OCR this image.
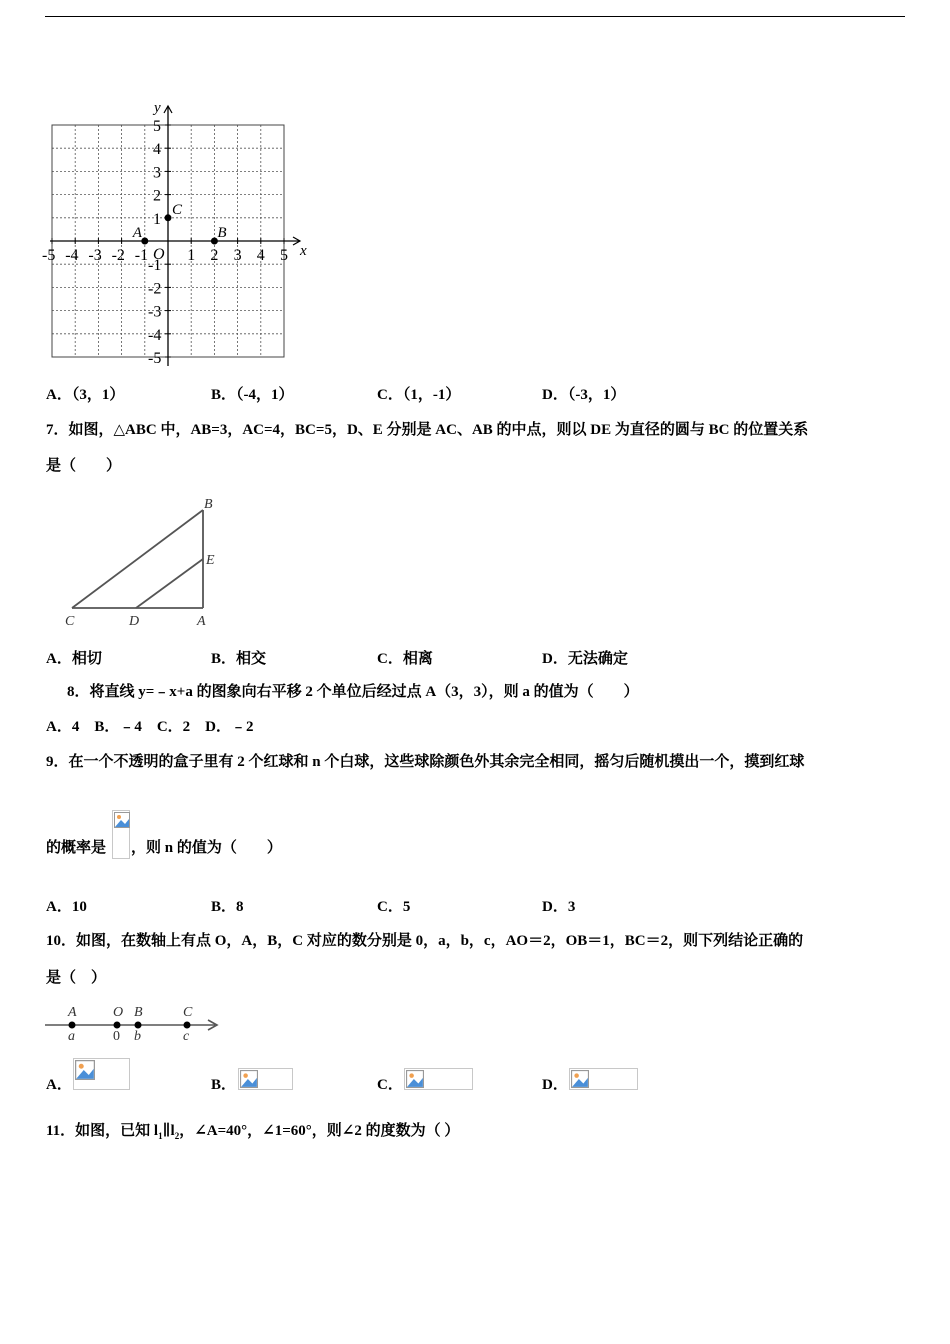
-5 -4 -3 -2 -1 1 2 3 4 5
5
4
3
2
1
-1
-2
-3
-4
-5
x
y
O
A	B
C
A．（3，1）	B．（-4，1）	C．（1，-1）	D．（-3，1）
7．如图，△ABC 中，AB=3，AC=4，BC=5，D、E 分别是 AC、AB 的中点，则以 DE 为直径的圆与 BC 的位置关系
是（　　）
B
E
C	D	A
A．相切	B．相交	C．相离	D．无法确定
8．将直线 y=﹣x+a 的图象向右平移 2 个单位后经过点 A（3，3），则 a 的值为（　　）
A．4　B．﹣4　C．2　D．﹣2
9．在一个不透明的盒子里有 2 个红球和 n 个白球，这些球除颜色外其余完全相同，摇匀后随机摸出一个，摸到红球
的概率是 ，则 n 的值为（　　）
A．10	B．8	C．5	D．3
10．如图，在数轴上有点 O，A，B，C 对应的数分别是 0，a，b，c，AO＝2，OB＝1，BC＝2，则下列结论正确的
是（　）
A
a
O
0
B
b
C
c
A．	B．	C．	D．
11．如图，已知 $l_1\parallel l_2$，∠A=40°，∠1=60°，则∠2 的度数为（ ）
